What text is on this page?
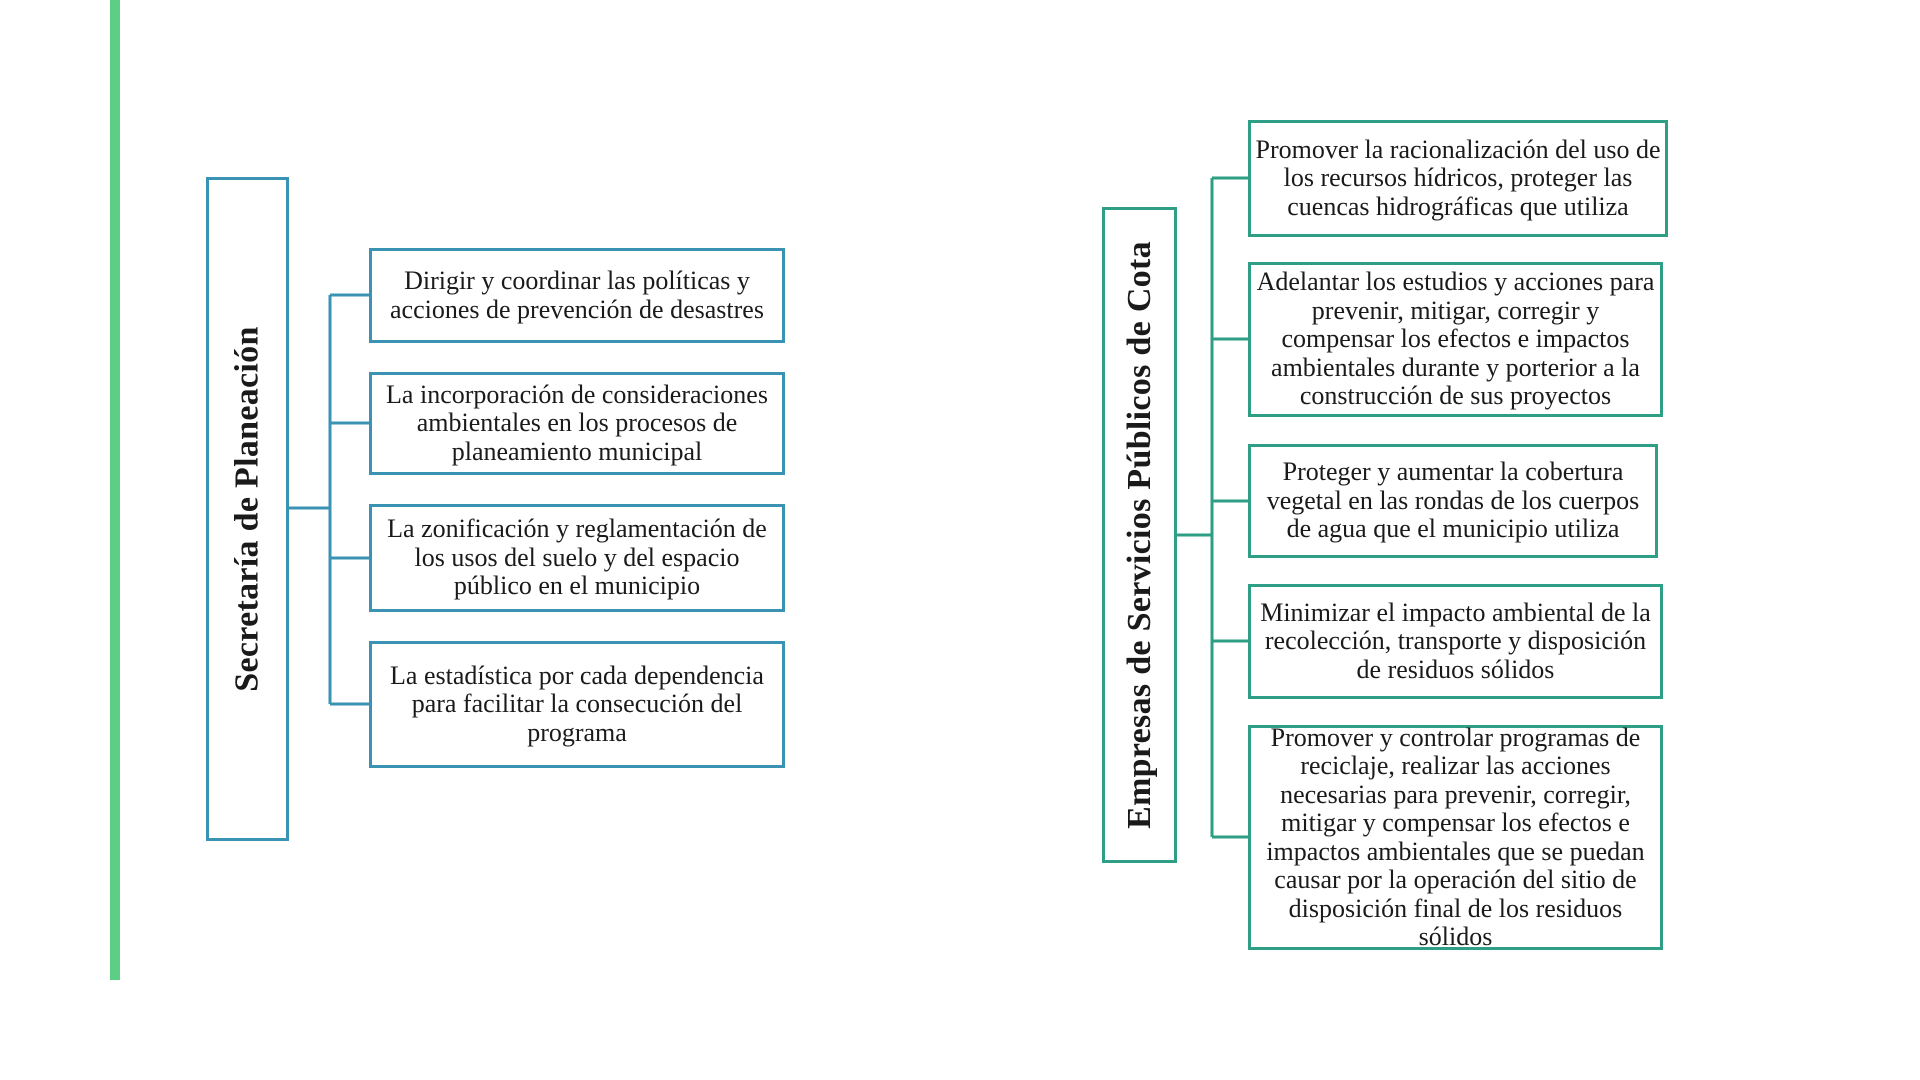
Secretaría de Planeación
Dirigir y coordinar las políticas y acciones de prevención de desastres
La incorporación de consideraciones ambientales en los procesos de planeamiento municipal
La zonificación y reglamentación de los usos del suelo y del espacio público en el municipio
La estadística por cada dependencia para facilitar la consecución del programa	Empresas de Servicios Públicos de Cota
Promover la racionalización del uso de los recursos hídricos, proteger las cuencas hidrográficas que utiliza
Adelantar los estudios y acciones para prevenir, mitigar, corregir y compensar los efectos e impactos ambientales durante y porterior a la construcción de sus proyectos
Proteger y aumentar la cobertura vegetal en las rondas de los cuerpos de agua que el municipio utiliza
Minimizar el impacto ambiental de la recolección, transporte y disposición de residuos sólidos
Promover y controlar programas de reciclaje, realizar las acciones necesarias para prevenir, corregir, mitigar y compensar los efectos e impactos ambientales que se puedan causar por la operación del sitio de disposición final de los residuos sólidos
